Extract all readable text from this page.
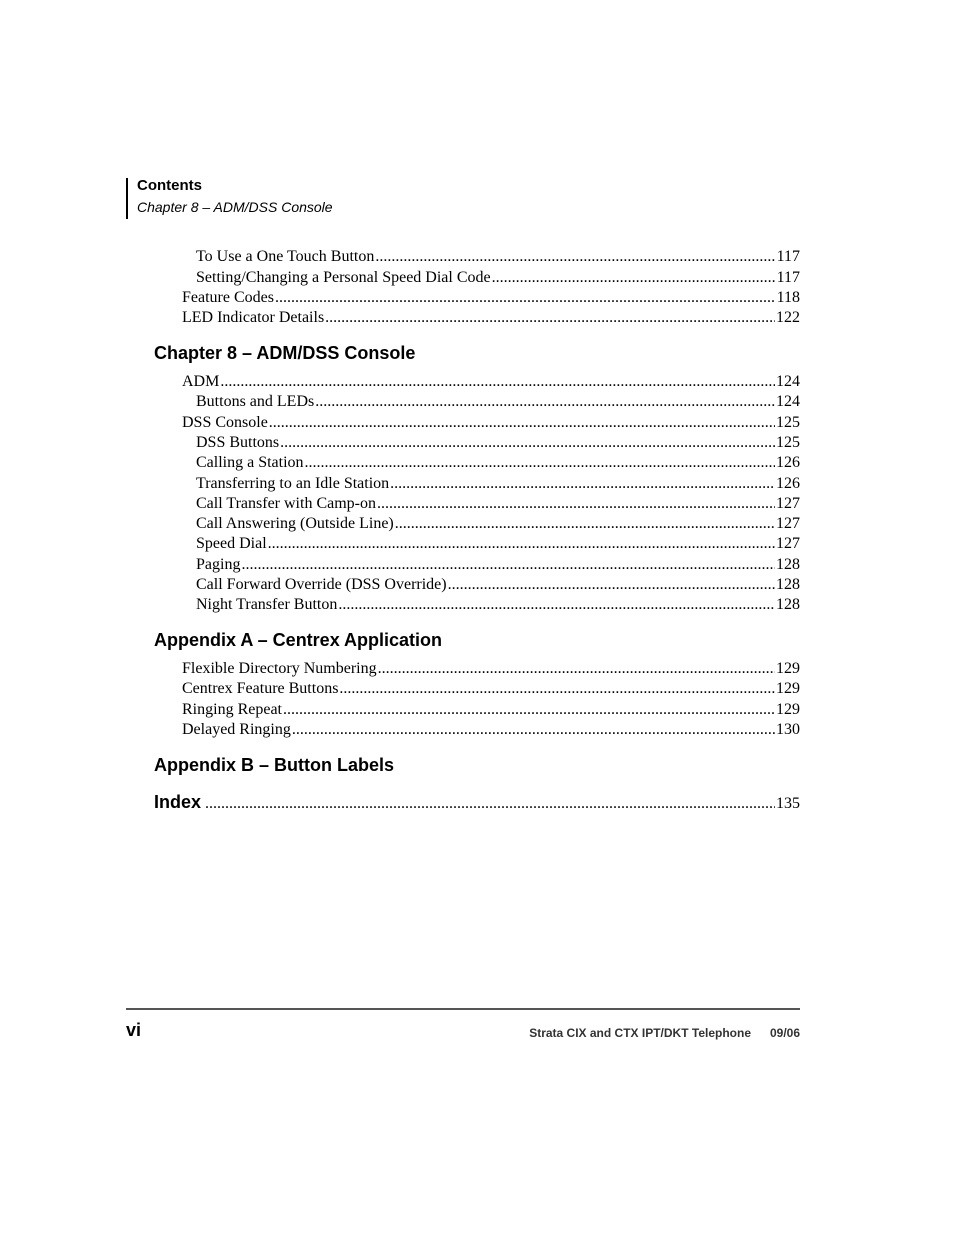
Contents
Chapter 8 – ADM/DSS Console
To Use a One Touch Button .....	117
Setting/Changing a Personal Speed Dial Code .....	117
Feature Codes .....	118
LED Indicator Details .....	122
Chapter 8 – ADM/DSS Console
ADM .....	124
Buttons and LEDs .....	124
DSS Console .....	125
DSS Buttons .....	125
Calling a Station .....	126
Transferring to an Idle Station .....	126
Call Transfer with Camp-on .....	127
Call Answering (Outside Line) .....	127
Speed Dial .....	127
Paging .....	128
Call Forward Override (DSS Override) .....	128
Night Transfer Button .....	128
Appendix A – Centrex Application
Flexible Directory Numbering .....	129
Centrex Feature Buttons .....	129
Ringing Repeat .....	129
Delayed Ringing .....	130
Appendix B – Button Labels
Index .....	135
vi	Strata CIX and CTX IPT/DKT Telephone 09/06
